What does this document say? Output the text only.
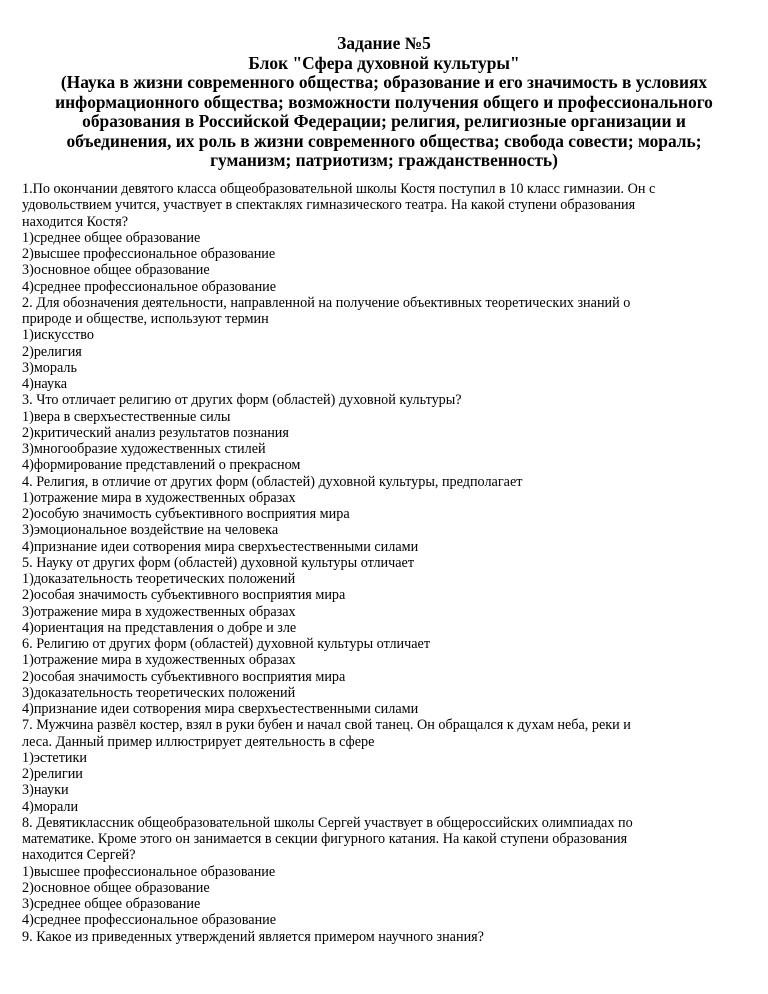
Задание №5
Блок "Сфера духовной культуры"
(Наука в жизни современного общества; образование и его значимость в условиях
информационного общества; возможности получения общего и профессионального
образования в Российской Федерации; религия, религиозные организации и
объединения, их роль в жизни современного общества; свобода совести; мораль;
гуманизм; патриотизм; гражданственность)
1.По окончании девятого класса общеобразовательной школы Костя поступил в 10 класс гимназии. Он с
удовольствием учится, участвует в спектаклях гимназического театра. На какой ступени образования
находится Костя?
1)среднее общее образование
2)высшее профессиональное образование
3)основное общее образование
4)среднее профессиональное образование
2. Для обозначения деятельности, направленной на получение объективных теоретических знаний о
природе и обществе, используют термин
1)искусство
2)религия
3)мораль
4)наука
3. Что отличает религию от других форм (областей) духовной культуры?
1)вера в сверхъестественные силы
2)критический анализ результатов познания
3)многообразие художественных стилей
4)формирование представлений о прекрасном
4. Религия, в отличие от других форм (областей) духовной культуры, предполагает
1)отражение мира в художественных образах
2)особую значимость субъективного восприятия мира
3)эмоциональное воздействие на человека
4)признание идеи сотворения мира сверхъестественными силами
5. Науку от других форм (областей) духовной культуры отличает
1)доказательность теоретических положений
2)особая значимость субъективного восприятия мира
3)отражение мира в художественных образах
4)ориентация на представления о добре и зле
6. Религию от других форм (областей) духовной культуры отличает
1)отражение мира в художественных образах
2)особая значимость субъективного восприятия мира
3)доказательность теоретических положений
4)признание идеи сотворения мира сверхъестественными силами
7. Мужчина развёл костер, взял в руки бубен и начал свой танец. Он обращался к духам неба, реки и
леса. Данный пример иллюстрирует деятельность в сфере
1)эстетики
2)религии
3)науки
4)морали
8. Девятиклассник общеобразовательной школы Сергей участвует в общероссийских олимпиадах по
математике. Кроме этого он занимается в секции фигурного катания. На какой ступени образования
находится Сергей?
1)высшее профессиональное образование
2)основное общее образование
3)среднее общее образование
4)среднее профессиональное образование
9. Какое из приведенных утверждений является примером научного знания?
